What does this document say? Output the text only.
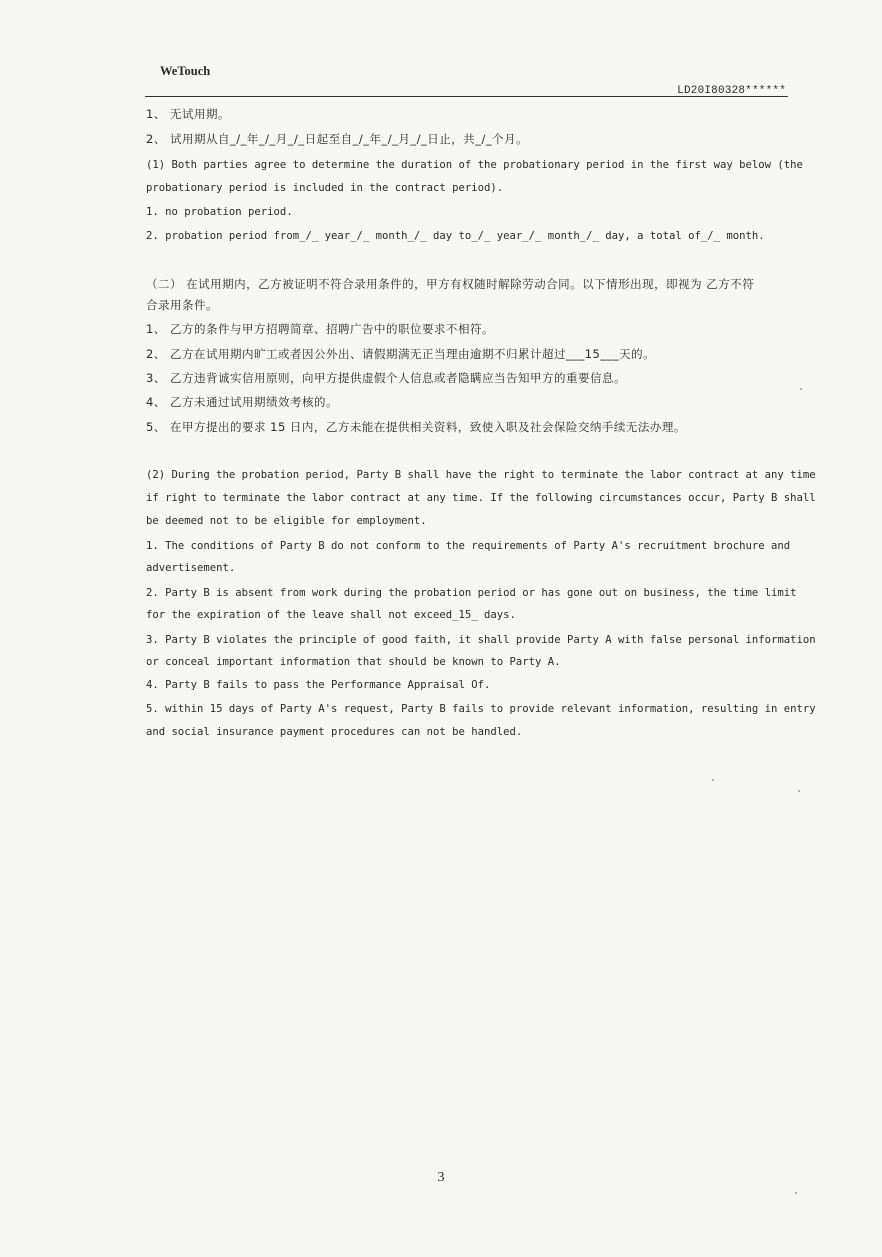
WeTouch
LD20I80328******
1、 无试用期。
2、 试用期从自_/_年_/_月_/_日起至自_/_年_/_月_/_日止，共_/_个月。
(1) Both parties agree to determine the duration of the probationary period in the first way below (the
probationary period is included in the contract period).
1. no probation period.
2. probation period from_/_ year_/_ month_/_ day to_/_ year_/_ month_/_ day, a total of_/_ month.
（二） 在试用期内，乙方被证明不符合录用条件的，甲方有权随时解除劳动合同。以下情形出现，即视为 乙方不符
合录用条件。
1、 乙方的条件与甲方招聘简章、招聘广告中的职位要求不相符。
2、 乙方在试用期内旷工或者因公外出、请假期满无正当理由逾期不归累计超过___15___天的。
3、 乙方违背诚实信用原则，向甲方提供虚假个人信息或者隐瞒应当告知甲方的重要信息。
4、 乙方未通过试用期绩效考核的。
5、 在甲方提出的要求 15 日内，乙方未能在提供相关资料，致使入职及社会保险交纳手续无法办理。
(2) During the probation period, Party B shall have the right to terminate the labor contract at any time
if right to terminate the labor contract at any time. If the following circumstances occur, Party B shall
be deemed not to be eligible for employment.
1. The conditions of Party B do not conform to the requirements of Party A's recruitment brochure and
advertisement.
2. Party B is absent from work during the probation period or has gone out on business, the time limit
for the expiration of the leave shall not exceed_15_ days.
3. Party B violates the principle of good faith, it shall provide Party A with false personal information
or conceal important information that should be known to Party A.
4. Party B fails to pass the Performance Appraisal Of.
5. within 15 days of Party A's request, Party B fails to provide relevant information, resulting in entry
and social insurance payment procedures can not be handled.
3
